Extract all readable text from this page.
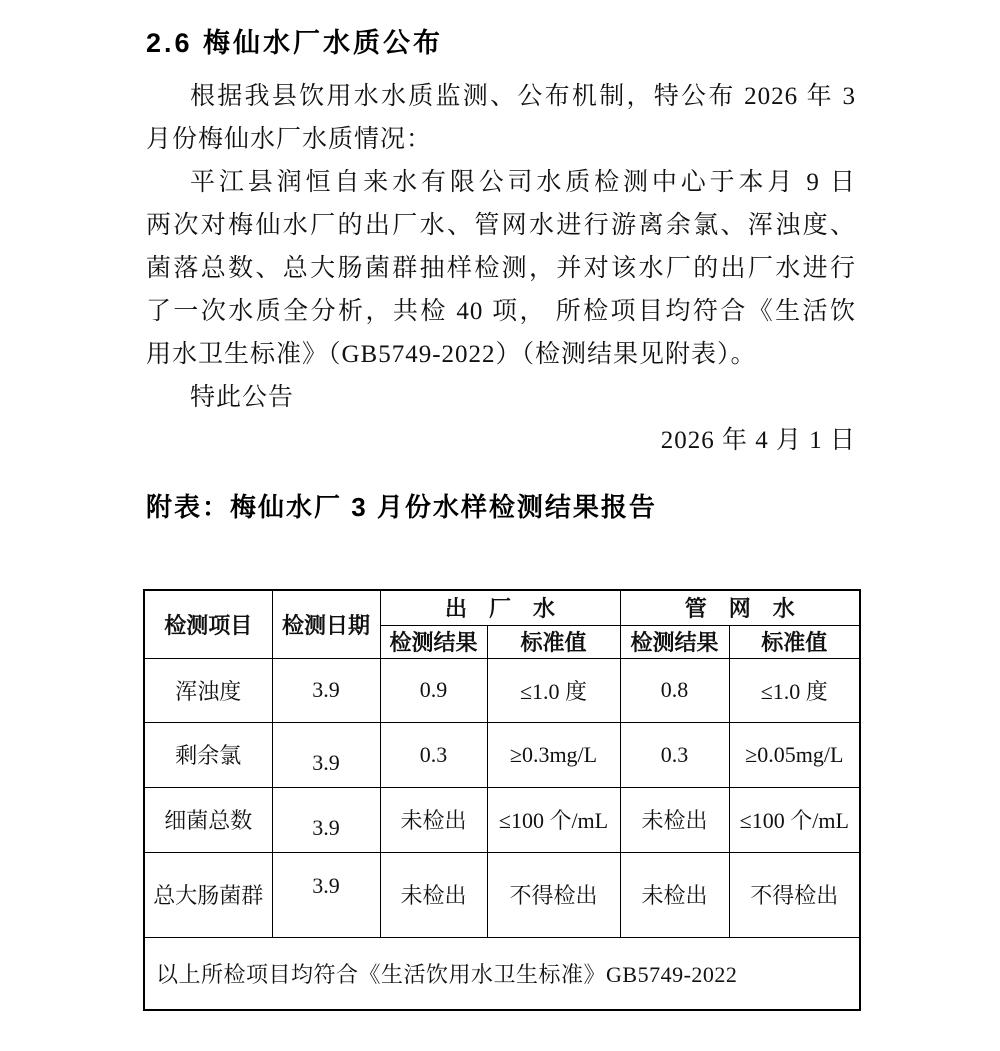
2.6 梅仙水厂水质公布
根据我县饮用水水质监测、公布机制，特公布 2026 年 3
月份梅仙水厂水质情况：
平江县润恒自来水有限公司水质检测中心于本月 9 日
两次对梅仙水厂的出厂水、管网水进行游离余氯、浑浊度、
菌落总数、总大肠菌群抽样检测，并对该水厂的出厂水进行
了一次水质全分析，共检 40 项， 所检项目均符合《生活饮
用水卫生标准》（GB5749-2022）（检测结果见附表）。
特此公告
2026 年 4 月 1 日
附表：梅仙水厂 3 月份水样检测结果报告
检测项目	检测日期	出　厂　水		管　网　水	
		检测结果	标准值	检测结果	标准值
浑浊度	3.9	0.9	≤1.0 度	0.8	≤1.0 度
剩余氯	3.9	0.3	≥0.3mg/L	0.3	≥0.05mg/L
细菌总数	3.9	未检出	≤100 个/mL	未检出	≤100 个/mL
总大肠菌群	3.9	未检出	不得检出	未检出	不得检出
以上所检项目均符合《生活饮用水卫生标准》GB5749-2022					
